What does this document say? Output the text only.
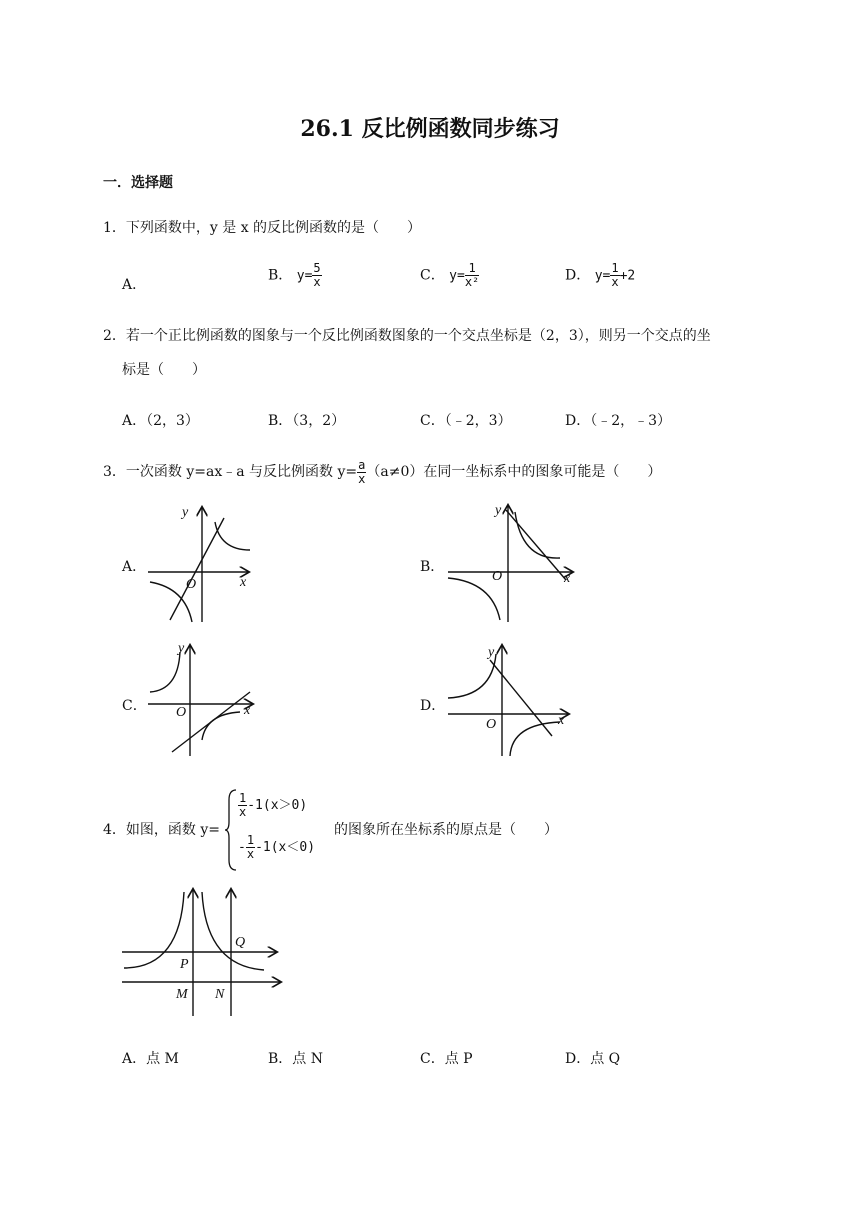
26.1 反比例函数同步练习
一．选择题
1．下列函数中，y 是 x 的反比例函数的是（　　）
A．
B． $y= \frac{5}{x}$	C． $y= \frac{1}{\text{x²}}$	D． $y= \frac{1}{x} +2$
2．若一个正比例函数的图象与一个反比例函数图象的一个交点坐标是（2，3），则另一个交点的坐
标是（　　）
A．（2，3）	B．（3，2）	C．（﹣2，3）	D．（﹣2，﹣3）
3．一次函数 y=ax﹣a 与反比例函数 $y= \frac{a}{x} (a\ne 0)$在同一坐标系中的图象可能是（　　）
A．	B．
C．	D．
y
x
O
y
x
O
y
x
O
y
x
O
4．如图，函数 y=
$\frac{1}{x} -1(x>0)$
- $\frac{1}{x} -1(x<0)$
的图象所在坐标系的原点是（　　）
Q
P
M N
A．点 M	B．点 N	C．点 P	D．点 Q
